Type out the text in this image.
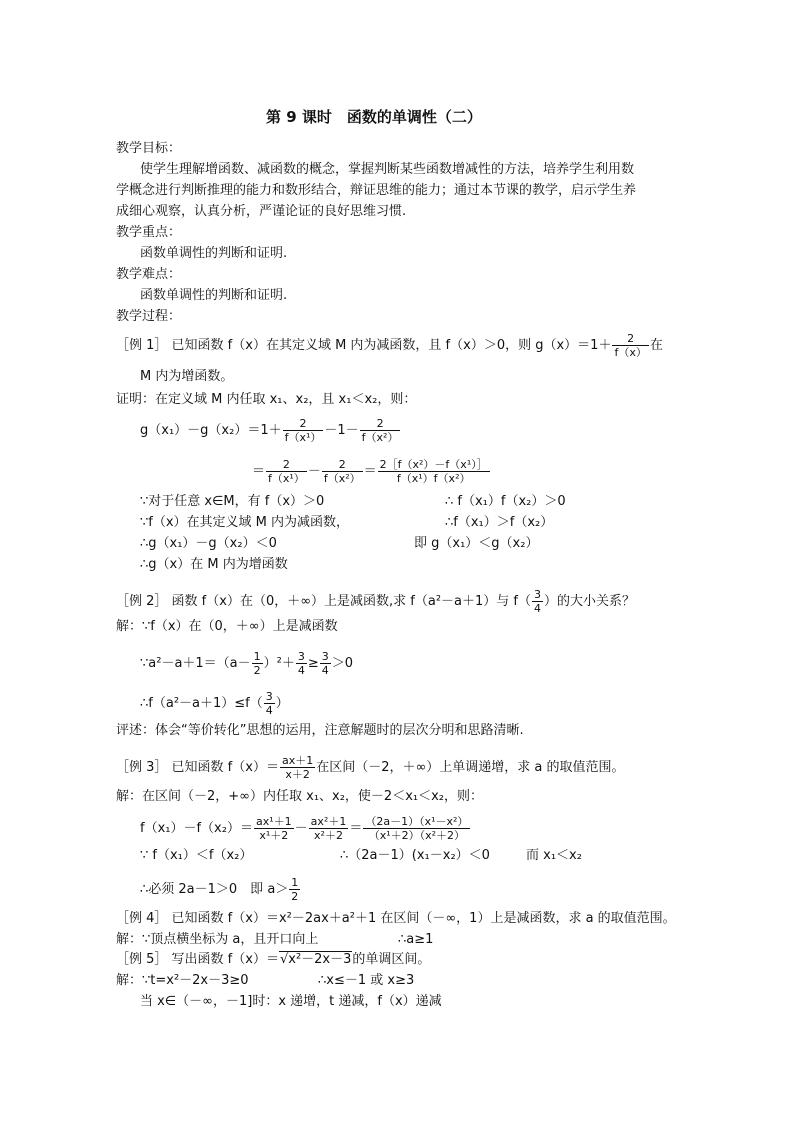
第 9 课时　函数的单调性（二）
教学目标：
使学生理解增函数、减函数的概念，掌握判断某些函数增减性的方法，培养学生利用数
学概念进行判断推理的能力和数形结合，辩证思维的能力；通过本节课的教学，启示学生养
成细心观察，认真分析，严谨论证的良好思维习惯.
教学重点：
函数单调性的判断和证明.
教学难点：
函数单调性的判断和证明.
教学过程：
［例 1］ 已知函数 f（x）在其定义域 M 内为减函数，且 f（x）＞0，则 $g(x)=1+ \frac{2}{f(x)}$ 在
M 内为增函数。
证明：在定义域 M 内任取 x₁、x₂，且 x₁＜x₂，则：
$g(x_1)-g(x_2)=1+ \frac{2}{\text{f（x¹）}} -1- \frac{2}{\text{f（x²）}}$
＝ $\frac{2}{\text{f（x¹）}} - \frac{2}{\text{f（x²）}} = \frac{\text{2［f（x²）－f（x¹）］}}{\text{f（x¹）f（x²）}}$
∵对于任意 x∈M，有 f（x）＞0	∴ f（x₁）f（x₂）＞0
∵f（x）在其定义域 M 内为减函数，	∴f（x₁）＞f（x₂）
∴g（x₁）－g（x₂）＜0	即 g（x₁）＜g（x₂）
∴g（x）在 M 内为增函数
［例 2］ 函数 f（x）在（0，＋∞）上是减函数,求 f（a²－a＋1）与 $f( \frac{3}{4}$ ）的大小关系？
解：∵f（x）在（0，＋∞）上是减函数
∵a²－a＋1＝（a－ $\frac{1}{2} )^2+ \frac{3}{4} \ge \frac{3}{4} >0$
∴f（a²－a＋1）≤f（ $\frac{3}{4}$ ）
评述：体会“等价转化”思想的运用，注意解题时的层次分明和思路清晰.
［例 3］ 已知函数 $f(x)= \frac{ax+1}{x+2}$ 在区间（－2，＋∞）上单调递增，求 a 的取值范围。
解：在区间（－2，+∞）内任取 x₁、x₂，使－2＜x₁＜x₂，则：
$f(x_1)-f(x_2)= \frac{\text{ax¹＋1}}{\text{x¹＋2}} - \frac{\text{ax²＋1}}{\text{x²＋2}} = \frac{\text{（2a－1）（x¹－x²）}}{\text{（x¹＋2）（x²＋2）}}$
∵ f（x₁）＜f（x₂）	∴（2a－1）(x₁－x₂）＜0	而 x₁＜x₂
∴必须 2a－1＞0　即 $a> \frac{1}{2}$
［例 4］ 已知函数 f（x）＝x²－2ax＋a²＋1 在区间（－∞，1）上是减函数，求 a 的取值范围。
解：∵顶点横坐标为 a，且开口向上	∴a≥1
［例 5］ 写出函数 f（x）＝√x²－2x－3的单调区间。
解：∵t=x²－2x－3≥0	∴x≤－1 或 x≥3
当 x∈（－∞，－1]时：x 递增，t 递减，f（x）递减
